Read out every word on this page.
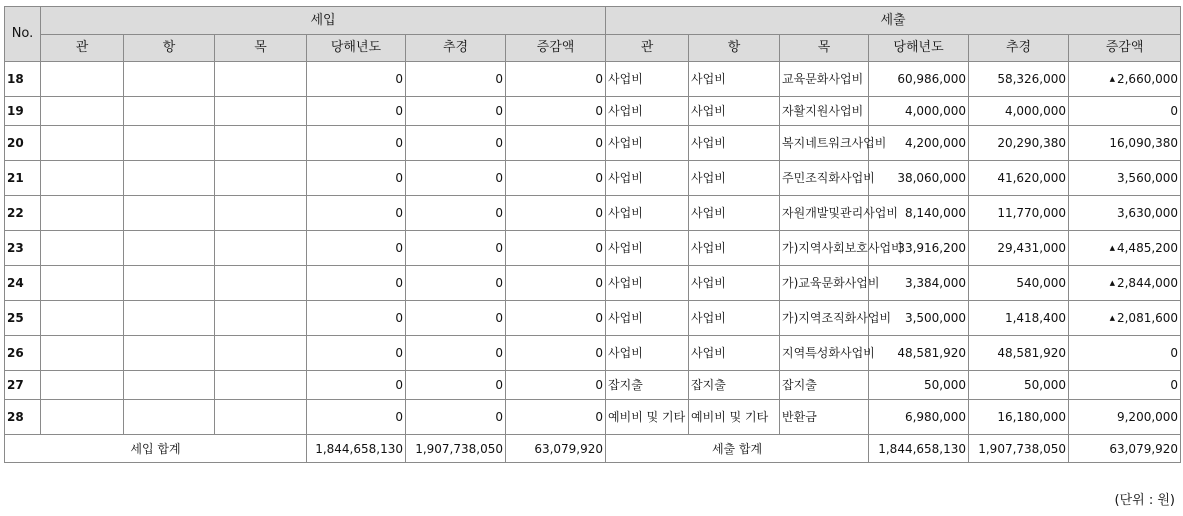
No.	세입						세출					
	관	항	목	당해년도	추경	증감액	관	항	목	당해년도	추경	증감액
18				0	0	0	사업비	사업비	교육문화사업비	60,986,000	58,326,000	▲ 2,660,000
19				0	0	0	사업비	사업비	자활지원사업비	4,000,000	4,000,000	0
20				0	0	0	사업비	사업비	복지네트워크사업비	4,200,000	20,290,380	16,090,380
21				0	0	0	사업비	사업비	주민조직화사업비	38,060,000	41,620,000	3,560,000
22				0	0	0	사업비	사업비	자원개발및관리사업비	8,140,000	11,770,000	3,630,000
23				0	0	0	사업비	사업비	가)지역사회보호사업비	33,916,200	29,431,000	▲ 4,485,200
24				0	0	0	사업비	사업비	가)교육문화사업비	3,384,000	540,000	▲ 2,844,000
25				0	0	0	사업비	사업비	가)지역조직화사업비	3,500,000	1,418,400	▲ 2,081,600
26				0	0	0	사업비	사업비	지역특성화사업비	48,581,920	48,581,920	0
27				0	0	0	잡지출	잡지출	잡지출	50,000	50,000	0
28				0	0	0	예비비 및 기타	예비비 및 기타	반환금	6,980,000	16,180,000	9,200,000
세입 합계				1,844,658,130	1,907,738,050	63,079,920	세출 합계			1,844,658,130	1,907,738,050	63,079,920
(단위 : 원)
